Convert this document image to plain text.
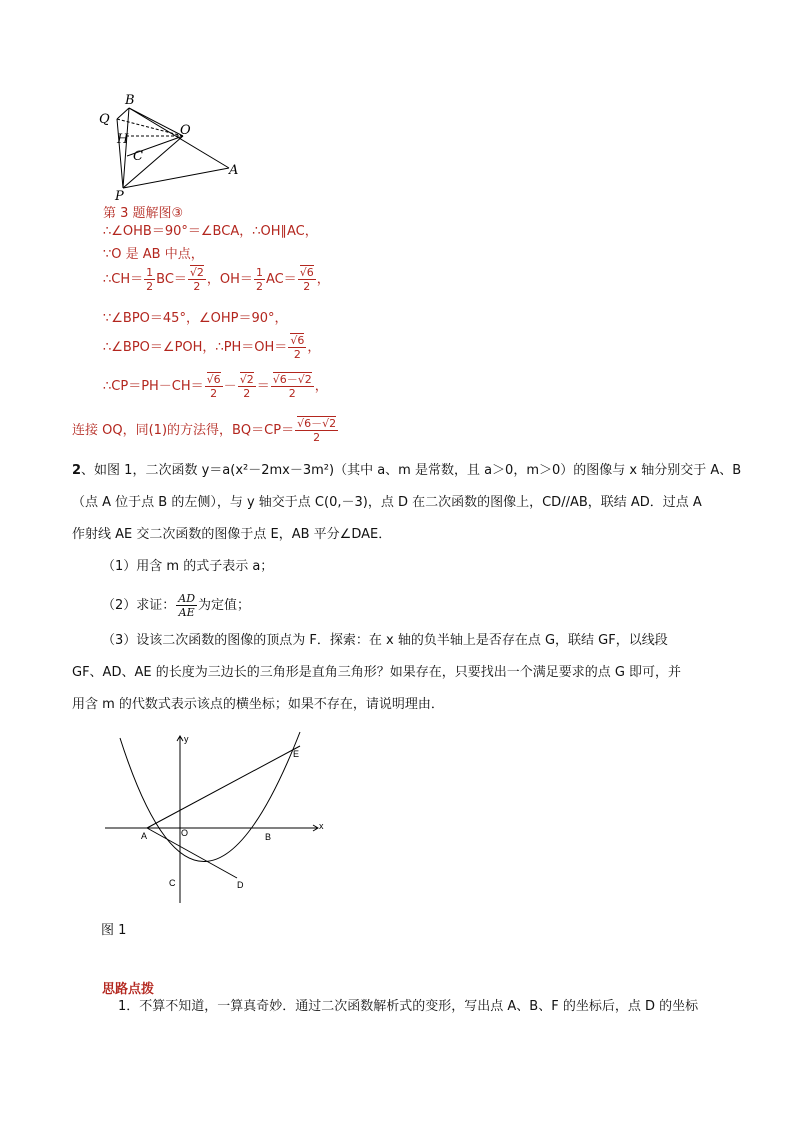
B
Q
O
H
C
A
P
第 3 题解图③
∴∠OHB＝90°＝∠BCA，∴OH∥AC，
∵O 是 AB 中点，
∴CH＝ $\frac{1}{2} BC= \frac{√2}{2}$ ，$OH= \frac{1}{2} AC= \frac{√6}{2}$ ，
∵∠BPO＝45°，∠OHP＝90°，
∴∠BPO＝∠POH，∴PH＝OH＝ $\frac{√6}{2}$ ，
∴CP＝PH－CH＝ $\frac{√6}{2} - \frac{√2}{2} = \frac{√6-√2}{2}$ ，
连接 OQ，同(1)的方法得，$BQ=CP= \frac{√6-√2}{2}$
2、如图 1，二次函数 y＝a(x²－2mx－3m²)（其中 a、m 是常数，且 a＞0，m＞0）的图像与 x 轴分别交于 A、B
（点 A 位于点 B 的左侧），与 y 轴交于点 C(0,－3)，点 D 在二次函数的图像上，CD//AB，联结 AD．过点 A
作射线 AE 交二次函数的图像于点 E，AB 平分∠DAE．
（1）用含 m 的式子表示 a；
（2）求证： $\frac{AD}{AE}$ 为定值；
（3）设该二次函数的图像的顶点为 F．探索：在 x 轴的负半轴上是否存在点 G，联结 GF，以线段
GF、AD、AE 的长度为三边长的三角形是直角三角形？如果存在，只要找出一个满足要求的点 G 即可，并
用含 m 的代数式表示该点的横坐标；如果不存在，请说明理由．
y
x
A	O	B
C	D
E
图 1
思路点拨
1．不算不知道，一算真奇妙．通过二次函数解析式的变形，写出点 A、B、F 的坐标后，点 D 的坐标
